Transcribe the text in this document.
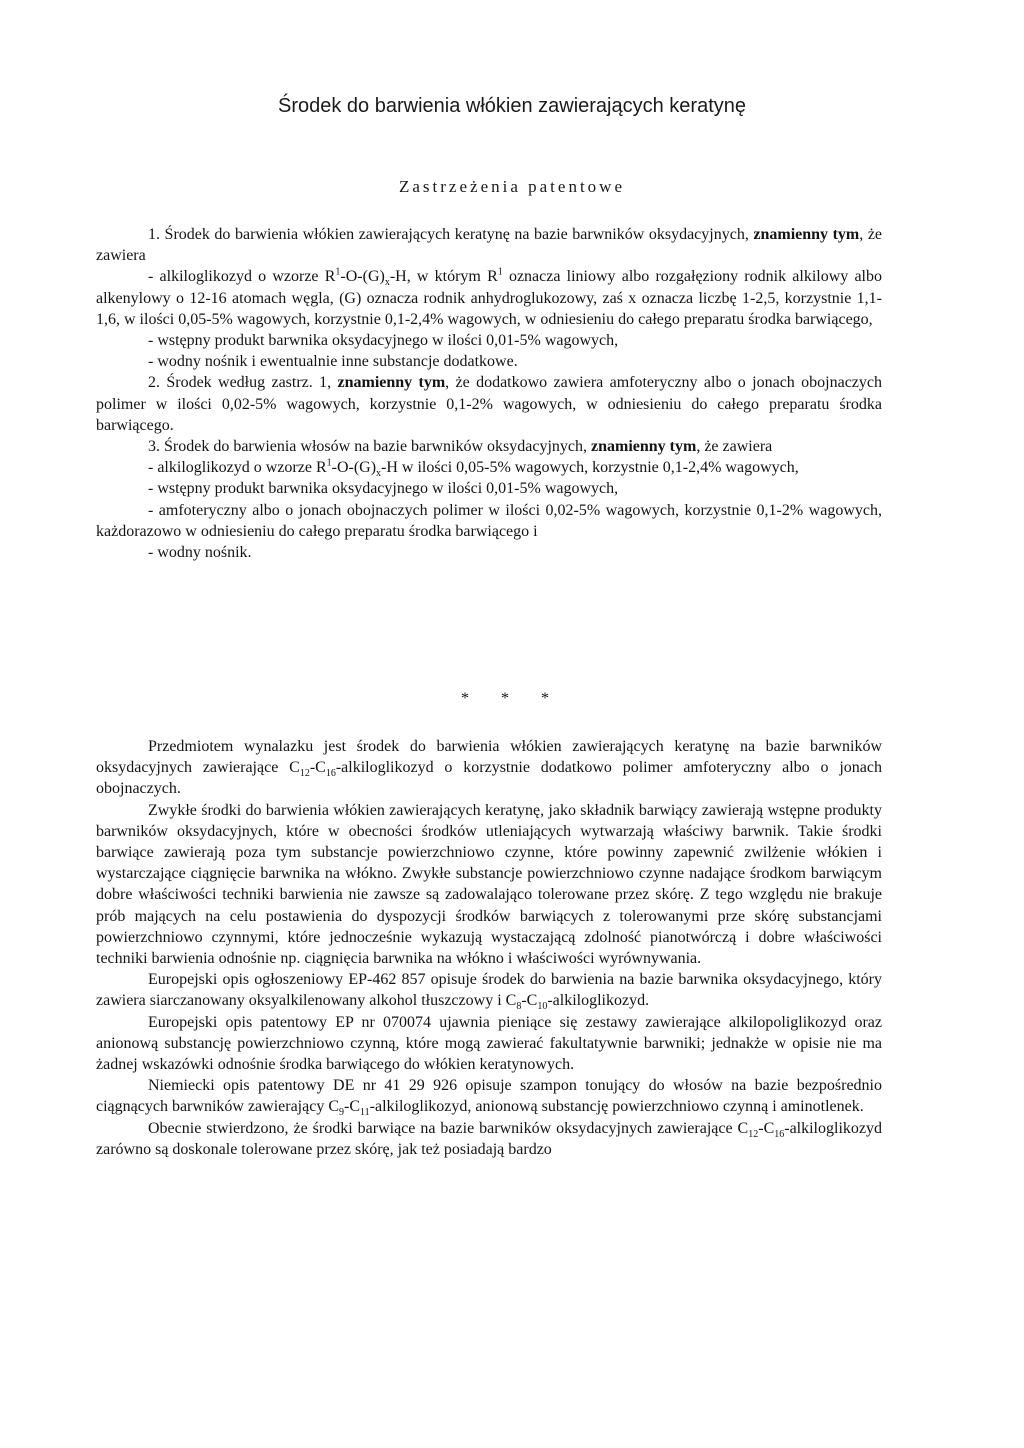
Środek do barwienia włókien zawierających keratynę
Zastrzeżenia patentowe

1. Środek do barwienia włókien zawierających keratynę na bazie barwników oksydacyjnych, znamienny tym, że zawiera

- alkiloglikozyd o wzorze $R^1-O-(G)_x-H$, w którym $R^1$ oznacza liniowy albo rozgałęziony rodnik alkilowy albo alkenylowy o 12-16 atomach węgla, (G) oznacza rodnik anhydroglukozowy, zaś x oznacza liczbę 1-2,5, korzystnie 1,1-1,6, w ilości 0,05-5% wagowych, korzystnie 0,1-2,4% wagowych, w odniesieniu do całego preparatu środka barwiącego,

- wstępny produkt barwnika oksydacyjnego w ilości 0,01-5% wagowych,

- wodny nośnik i ewentualnie inne substancje dodatkowe.

2. Środek według zastrz. 1, znamienny tym, że dodatkowo zawiera amfoteryczny albo o jonach obojnaczych polimer w ilości 0,02-5% wagowych, korzystnie 0,1-2% wagowych, w odniesieniu do całego preparatu środka barwiącego.

3. Środek do barwienia włosów na bazie barwników oksydacyjnych, znamienny tym, że zawiera

- alkiloglikozyd o wzorze $R^1-O-(G)_x-H$ w ilości 0,05-5% wagowych, korzystnie 0,1-2,4% wagowych,

- wstępny produkt barwnika oksydacyjnego w ilości 0,01-5% wagowych,

- amfoteryczny albo o jonach obojnaczych polimer w ilości 0,02-5% wagowych, korzystnie 0,1-2% wagowych, każdorazowo w odniesieniu do całego preparatu środka barwiącego i

- wodny nośnik.

* * *

Przedmiotem wynalazku jest środek do barwienia włókien zawierających keratynę na bazie barwników oksydacyjnych zawierające $C_{12}-C_{16}$-alkiloglikozyd o korzystnie dodatkowo polimer amfoteryczny albo o jonach obojnaczych.

Zwykłe środki do barwienia włókien zawierających keratynę, jako składnik barwiący zawierają wstępne produkty barwników oksydacyjnych, które w obecności środków utleniających wytwarzają właściwy barwnik. Takie środki barwiące zawierają poza tym substancje powierzchniowo czynne, które powinny zapewnić zwilżenie włókien i wystarczające ciągnięcie barwnika na włókno. Zwykłe substancje powierzchniowo czynne nadające środkom barwiącym dobre właściwości techniki barwienia nie zawsze są zadowalająco tolerowane przez skórę. Z tego względu nie brakuje prób mających na celu postawienia do dyspozycji środków barwiących z tolerowanymi prze skórę substancjami powierzchniowo czynnymi, które jednocześnie wykazują wystaczającą zdolność pianotwórczą i dobre właściwości techniki barwienia odnośnie np. ciągnięcia barwnika na włókno i właściwości wyrównywania.

Europejski opis ogłoszeniowy EP-462 857 opisuje środek do barwienia na bazie barwnika oksydacyjnego, który zawiera siarczanowany oksyalkilenowany alkohol tłuszczowy i $C_8-C_{10}$-alkiloglikozyd.

Europejski opis patentowy EP nr 070074 ujawnia pieniące się zestawy zawierające alkilopoliglikozyd oraz anionową substancję powierzchniowo czynną, które mogą zawierać fakultatywnie barwniki; jednakże w opisie nie ma żadnej wskazówki odnośnie środka barwiącego do włókien keratynowych.

Niemiecki opis patentowy DE nr 41 29 926 opisuje szampon tonujący do włosów na bazie bezpośrednio ciągnących barwników zawierający $C_9-C_{11}$-alkiloglikozyd, anionową substancję powierzchniowo czynną i aminotlenek.

Obecnie stwierdzono, że środki barwiące na bazie barwników oksydacyjnych zawierające $C_{12}-C_{16}$-alkiloglikozyd zarówno są doskonale tolerowane przez skórę, jak też posiadają bardzo
